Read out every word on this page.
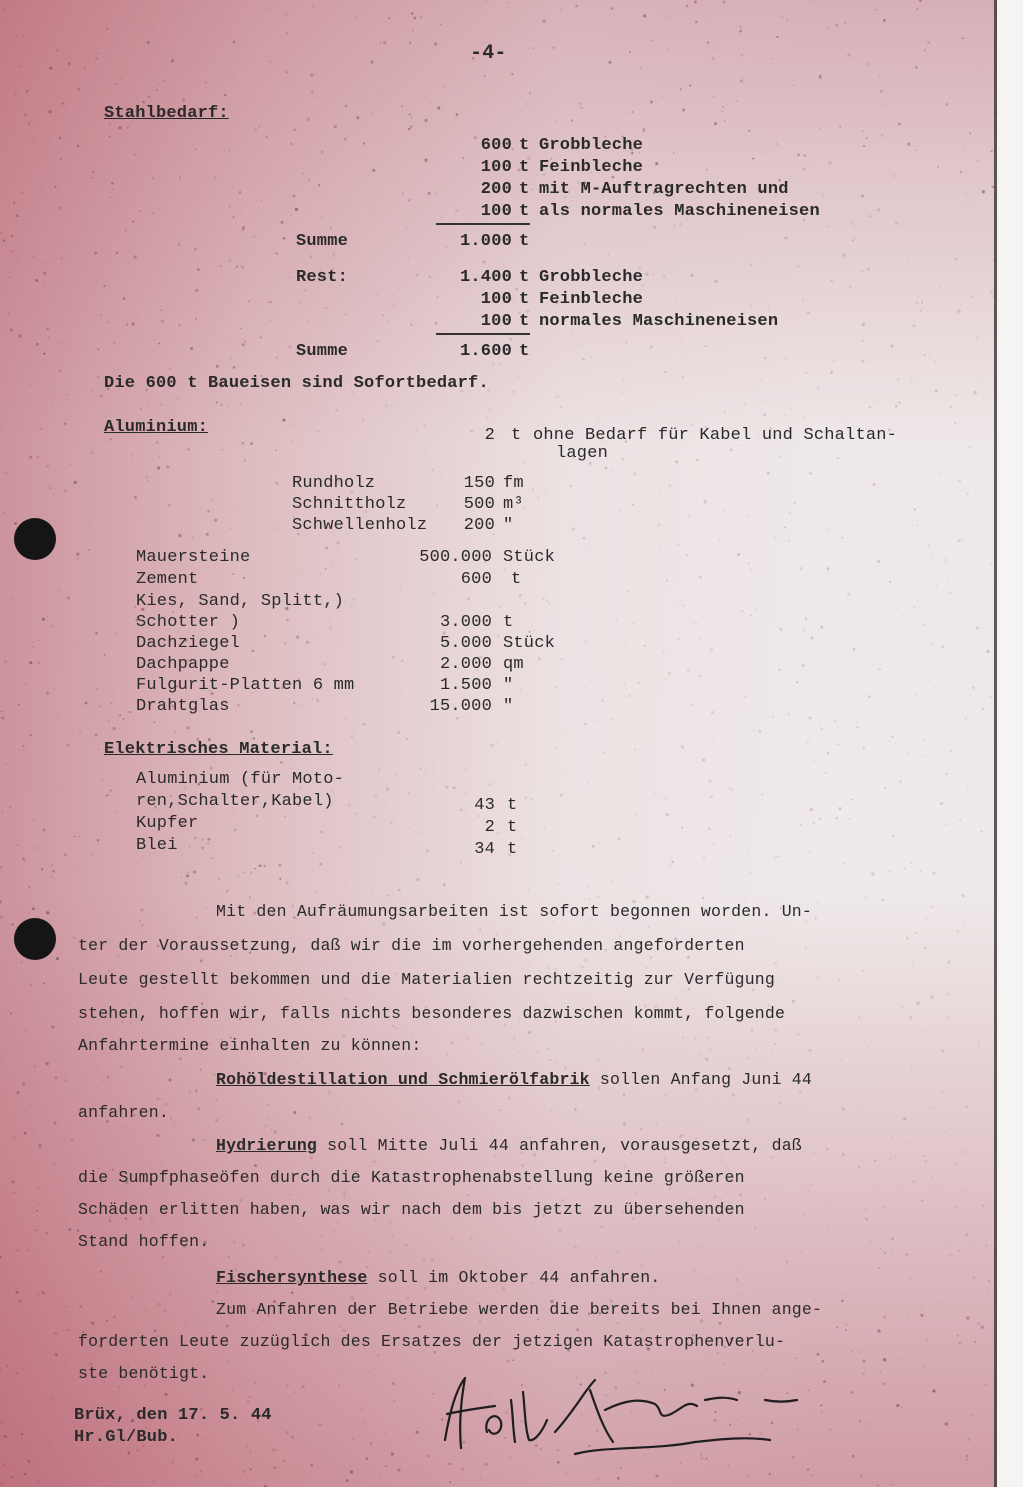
-4-
Stahlbedarf:
600 t Grobbleche
100 t Feinbleche
200 t mit M-Auftragrechten und
100 t als normales Maschineneisen
Summe	1.000 t
Rest:	1.400 t Grobbleche
100 t Feinbleche
100 t normales Maschineneisen
Summe	1.600 t
Die 600 t Baueisen sind Sofortbedarf.
Aluminium:	2 t ohne Bedarf für Kabel und Schaltan-
lagen
Rundholz	150 fm
Schnittholz	500 m³
Schwellenholz	200 "
Mauersteine	500.000 Stück
Zement	600 t
Kies, Sand, Splitt,)
Schotter )	3.000 t
Dachziegel	5.000 Stück
Dachpappe	2.000 qm
Fulgurit-Platten 6 mm	1.500 "
Drahtglas	15.000 "
Elektrisches Material:
Aluminium (für Moto-
ren,Schalter,Kabel)	43 t
Kupfer	2 t
Blei	34 t
Mit den Aufräumungsarbeiten ist sofort begonnen worden. Un-
ter der Voraussetzung, daß wir die im vorhergehenden angeforderten
Leute gestellt bekommen und die Materialien rechtzeitig zur Verfügung
stehen, hoffen wir, falls nichts besonderes dazwischen kommt, folgende
Anfahrtermine einhalten zu können:
Rohöldestillation und Schmierölfabrik sollen Anfang Juni 44
anfahren.
Hydrierung soll Mitte Juli 44 anfahren, vorausgesetzt, daß
die Sumpfphaseöfen durch die Katastrophenabstellung keine größeren
Schäden erlitten haben, was wir nach dem bis jetzt zu übersehenden
Stand hoffen.
Fischersynthese soll im Oktober 44 anfahren.
Zum Anfahren der Betriebe werden die bereits bei Ihnen ange-
forderten Leute zuzüglich des Ersatzes der jetzigen Katastrophenverlu-
ste benötigt.
Brüx, den 17. 5. 44
Hr.Gl/Bub.
